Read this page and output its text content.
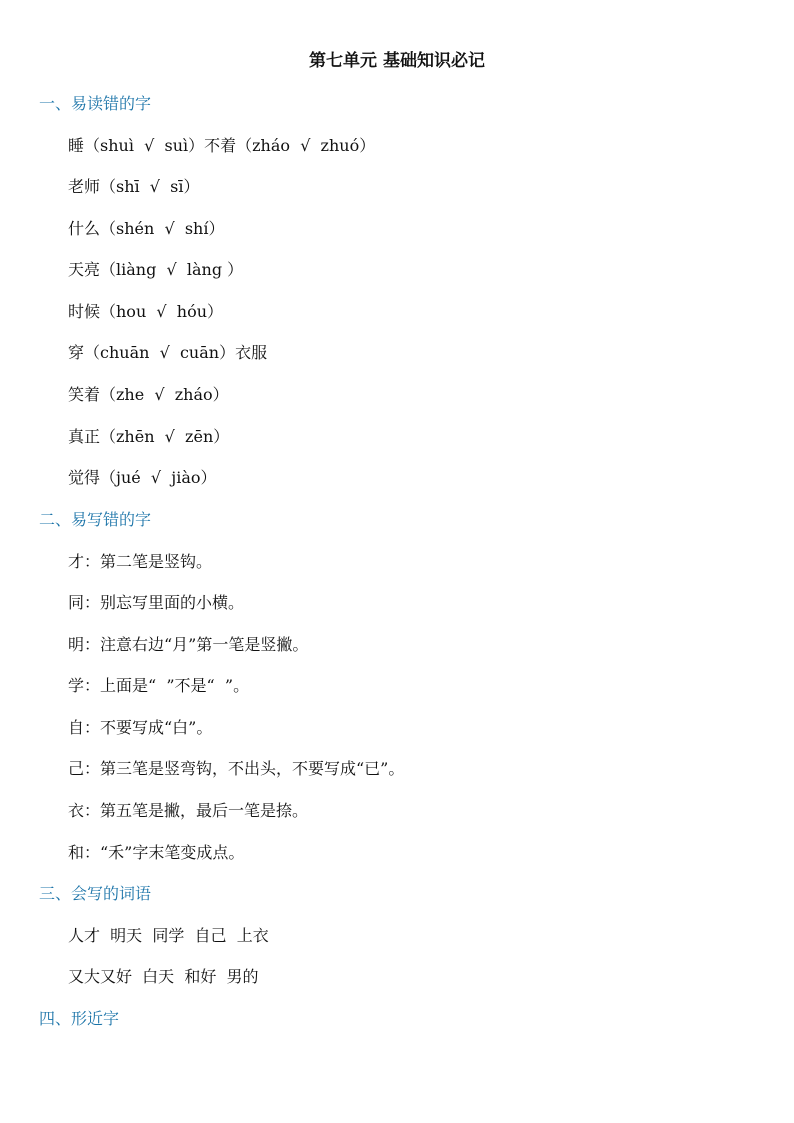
第七单元 基础知识必记
一、易读错的字
睡（shuì  √  suì）不着（zháo  √  zhuó）
老师（shī  √  sī）
什么（shén  √  shí）
天亮（liàng  √  làng ）
时候（hou  √  hóu）
穿（chuān  √  cuān）衣服
笑着（zhe  √  zháo）
真正（zhēn  √  zēn）
觉得（jué  √  jiào）
二、易写错的字
才：第二笔是竖钩。
同：别忘写里面的小横。
明：注意右边“月”第一笔是竖撇。
学：上面是“  ”不是“  ”。
自：不要写成“白”。
己：第三笔是竖弯钩，不出头，不要写成“已”。
衣：第五笔是撇，最后一笔是捺。
和：“禾”字末笔变成点。
三、会写的词语
人才  明天  同学  自己  上衣
又大又好  白天  和好  男的
四、形近字
